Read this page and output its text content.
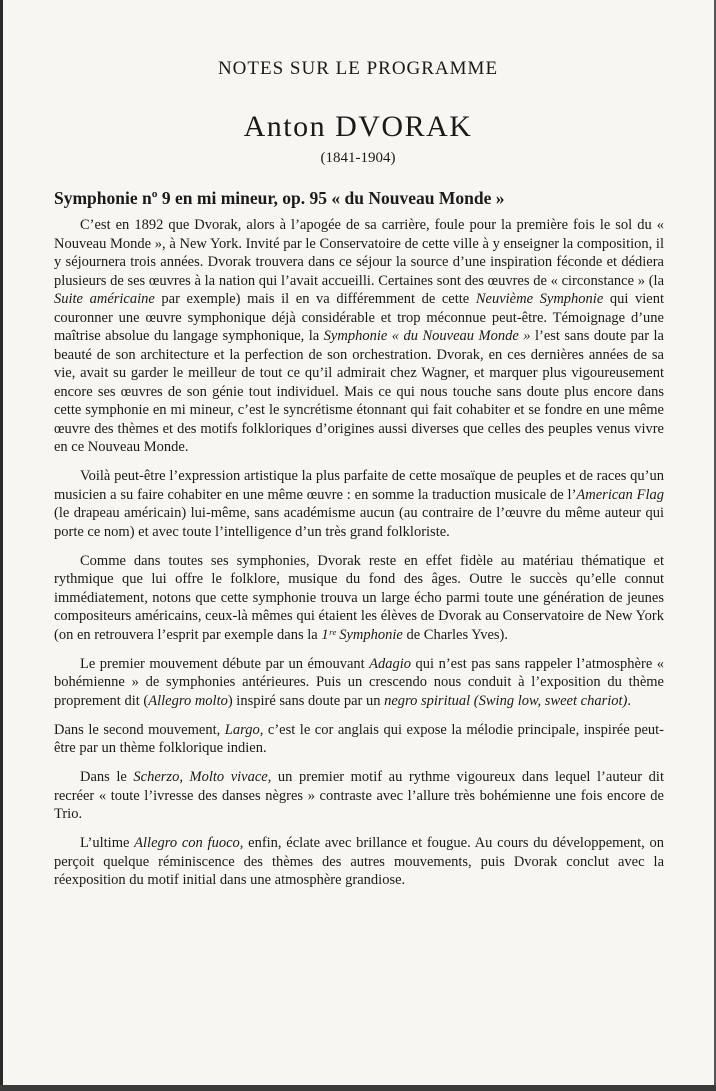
NOTES SUR LE PROGRAMME
Anton DVORAK
(1841-1904)
Symphonie nº 9 en mi mineur, op. 95 « du Nouveau Monde »

C’est en 1892 que Dvorak, alors à l’apogée de sa carrière, foule pour la première fois le sol du « Nouveau Monde », à New York. Invité par le Conservatoire de cette ville à y enseigner la composition, il y séjournera trois années. Dvorak trouvera dans ce séjour la source d’une inspiration féconde et dédiera plusieurs de ses œuvres à la nation qui l’avait accueilli. Certaines sont des œuvres de « circonstance » (la Suite américaine par exemple) mais il en va différemment de cette Neuvième Symphonie qui vient couronner une œuvre symphonique déjà considérable et trop méconnue peut-être. Témoignage d’une maîtrise absolue du langage symphonique, la Symphonie « du Nouveau Monde » l’est sans doute par la beauté de son architecture et la perfection de son orchestration. Dvorak, en ces dernières années de sa vie, avait su garder le meilleur de tout ce qu’il admirait chez Wagner, et marquer plus vigoureusement encore ses œuvres de son génie tout individuel. Mais ce qui nous touche sans doute plus encore dans cette symphonie en mi mineur, c’est le syncrétisme étonnant qui fait cohabiter et se fondre en une même œuvre des thèmes et des motifs folkloriques d’origines aussi diverses que celles des peuples venus vivre en ce Nouveau Monde.

Voilà peut-être l’expression artistique la plus parfaite de cette mosaïque de peuples et de races qu’un musicien a su faire cohabiter en une même œuvre : en somme la traduction musicale de l’American Flag (le drapeau américain) lui-même, sans académisme aucun (au contraire de l’œuvre du même auteur qui porte ce nom) et avec toute l’intelligence d’un très grand folkloriste.

Comme dans toutes ses symphonies, Dvorak reste en effet fidèle au matériau thématique et rythmique que lui offre le folklore, musique du fond des âges. Outre le succès qu’elle connut immédiatement, notons que cette symphonie trouva un large écho parmi toute une génération de jeunes compositeurs américains, ceux-là mêmes qui étaient les élèves de Dvorak au Conservatoire de New York (on en retrouvera l’esprit par exemple dans la 1ʳᵉ Symphonie de Charles Yves).

Le premier mouvement débute par un émouvant Adagio qui n’est pas sans rappeler l’atmosphère « bohémienne » de symphonies antérieures. Puis un crescendo nous conduit à l’exposition du thème proprement dit (Allegro molto) inspiré sans doute par un negro spiritual (Swing low, sweet chariot).

Dans le second mouvement, Largo, c’est le cor anglais qui expose la mélodie principale, inspirée peut-être par un thème folklorique indien.

Dans le Scherzo, Molto vivace, un premier motif au rythme vigoureux dans lequel l’auteur dit recréer « toute l’ivresse des danses nègres » contraste avec l’allure très bohémienne une fois encore de Trio.

L’ultime Allegro con fuoco, enfin, éclate avec brillance et fougue. Au cours du développement, on perçoit quelque réminiscence des thèmes des autres mouvements, puis Dvorak conclut avec la réexposition du motif initial dans une atmosphère grandiose.
